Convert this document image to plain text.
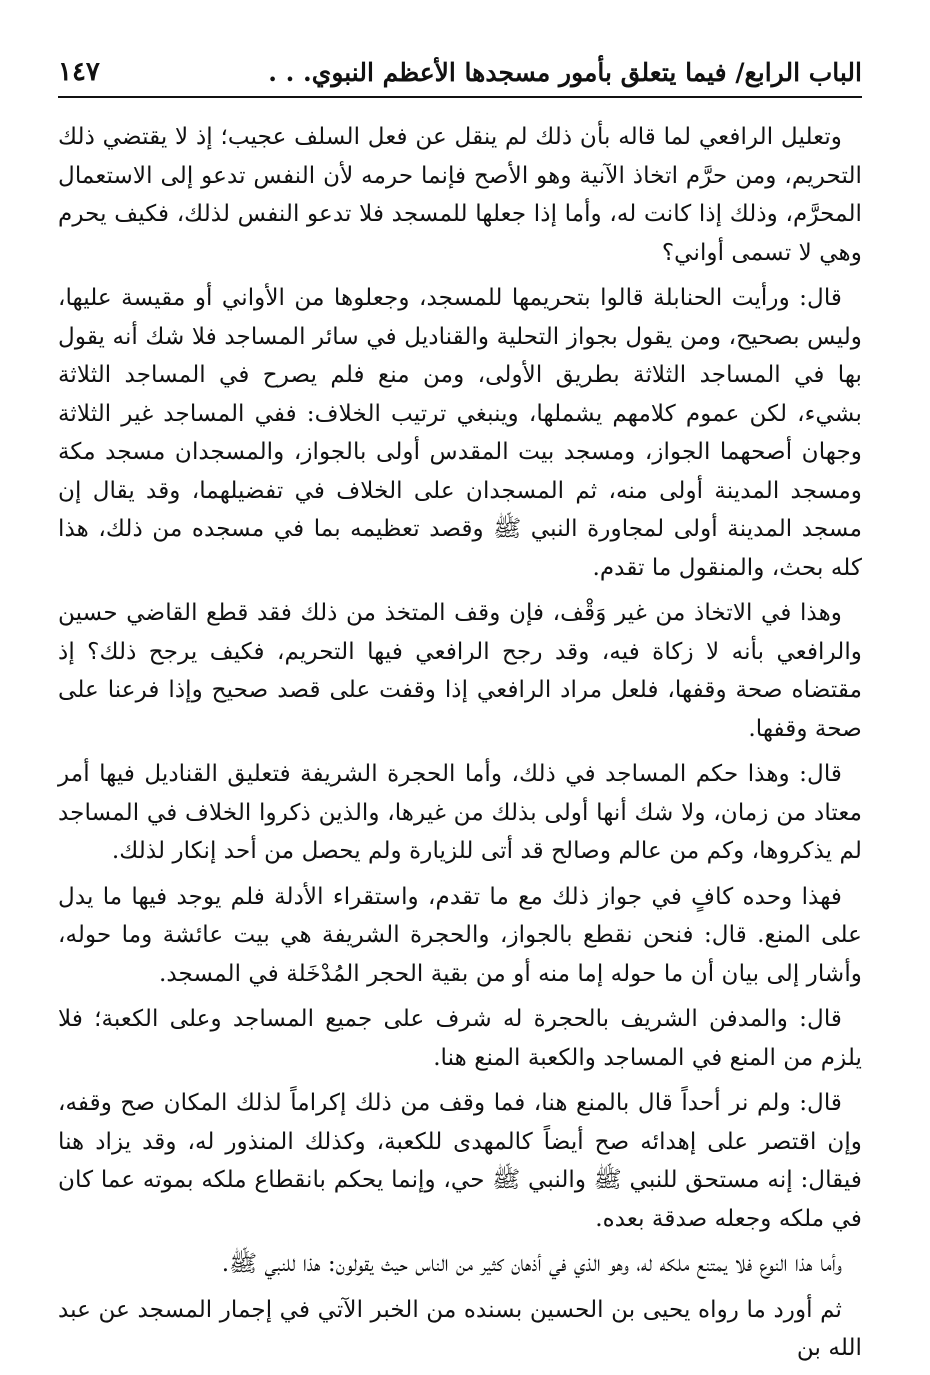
الباب الرابع/ فيما يتعلق بأمور مسجدها الأعظم النبوي. . .
١٤٧

وتعليل الرافعي لما قاله بأن ذلك لم ينقل عن فعل السلف عجيب؛ إذ لا يقتضي ذلك التحريم، ومن حرَّم اتخاذ الآنية وهو الأصح فإنما حرمه لأن النفس تدعو إلى الاستعمال المحرَّم، وذلك إذا كانت له، وأما إذا جعلها للمسجد فلا تدعو النفس لذلك، فكيف يحرم وهي لا تسمى أواني؟

قال: ورأيت الحنابلة قالوا بتحريمها للمسجد، وجعلوها من الأواني أو مقيسة عليها، وليس بصحيح، ومن يقول بجواز التحلية والقناديل في سائر المساجد فلا شك أنه يقول بها في المساجد الثلاثة بطريق الأولى، ومن منع فلم يصرح في المساجد الثلاثة بشيء، لكن عموم كلامهم يشملها، وينبغي ترتيب الخلاف: ففي المساجد غير الثلاثة وجهان أصحهما الجواز، ومسجد بيت المقدس أولى بالجواز، والمسجدان مسجد مكة ومسجد المدينة أولى منه، ثم المسجدان على الخلاف في تفضيلهما، وقد يقال إن مسجد المدينة أولى لمجاورة النبي ﷺ وقصد تعظيمه بما في مسجده من ذلك، هذا كله بحث، والمنقول ما تقدم.

وهذا في الاتخاذ من غير وَقْف، فإن وقف المتخذ من ذلك فقد قطع القاضي حسين والرافعي بأنه لا زكاة فيه، وقد رجح الرافعي فيها التحريم، فكيف يرجح ذلك؟ إذ مقتضاه صحة وقفها، فلعل مراد الرافعي إذا وقفت على قصد صحيح وإذا فرعنا على صحة وقفها.

قال: وهذا حكم المساجد في ذلك، وأما الحجرة الشريفة فتعليق القناديل فيها أمر معتاد من زمان، ولا شك أنها أولى بذلك من غيرها، والذين ذكروا الخلاف في المساجد لم يذكروها، وكم من عالم وصالح قد أتى للزيارة ولم يحصل من أحد إنكار لذلك.

فهذا وحده كافٍ في جواز ذلك مع ما تقدم، واستقراء الأدلة فلم يوجد فيها ما يدل على المنع. قال: فنحن نقطع بالجواز، والحجرة الشريفة هي بيت عائشة وما حوله، وأشار إلى بيان أن ما حوله إما منه أو من بقية الحجر المُدْخَلة في المسجد.

قال: والمدفن الشريف بالحجرة له شرف على جميع المساجد وعلى الكعبة؛ فلا يلزم من المنع في المساجد والكعبة المنع هنا.

قال: ولم نر أحداً قال بالمنع هنا، فما وقف من ذلك إكراماً لذلك المكان صح وقفه، وإن اقتصر على إهدائه صح أيضاً كالمهدى للكعبة، وكذلك المنذور له، وقد يزاد هنا فيقال: إنه مستحق للنبي ﷺ والنبي ﷺ حي، وإنما يحكم بانقطاع ملكه بموته عما كان في ملكه وجعله صدقة بعده.

وأما هذا النوع فلا يمتنع ملكه له، وهو الذي في أذهان كثير من الناس حيث يقولون: هذا للنبي ﷺ.

ثم أورد ما رواه يحيى بن الحسين بسنده من الخبر الآتي في إجمار المسجد عن عبد الله بن
